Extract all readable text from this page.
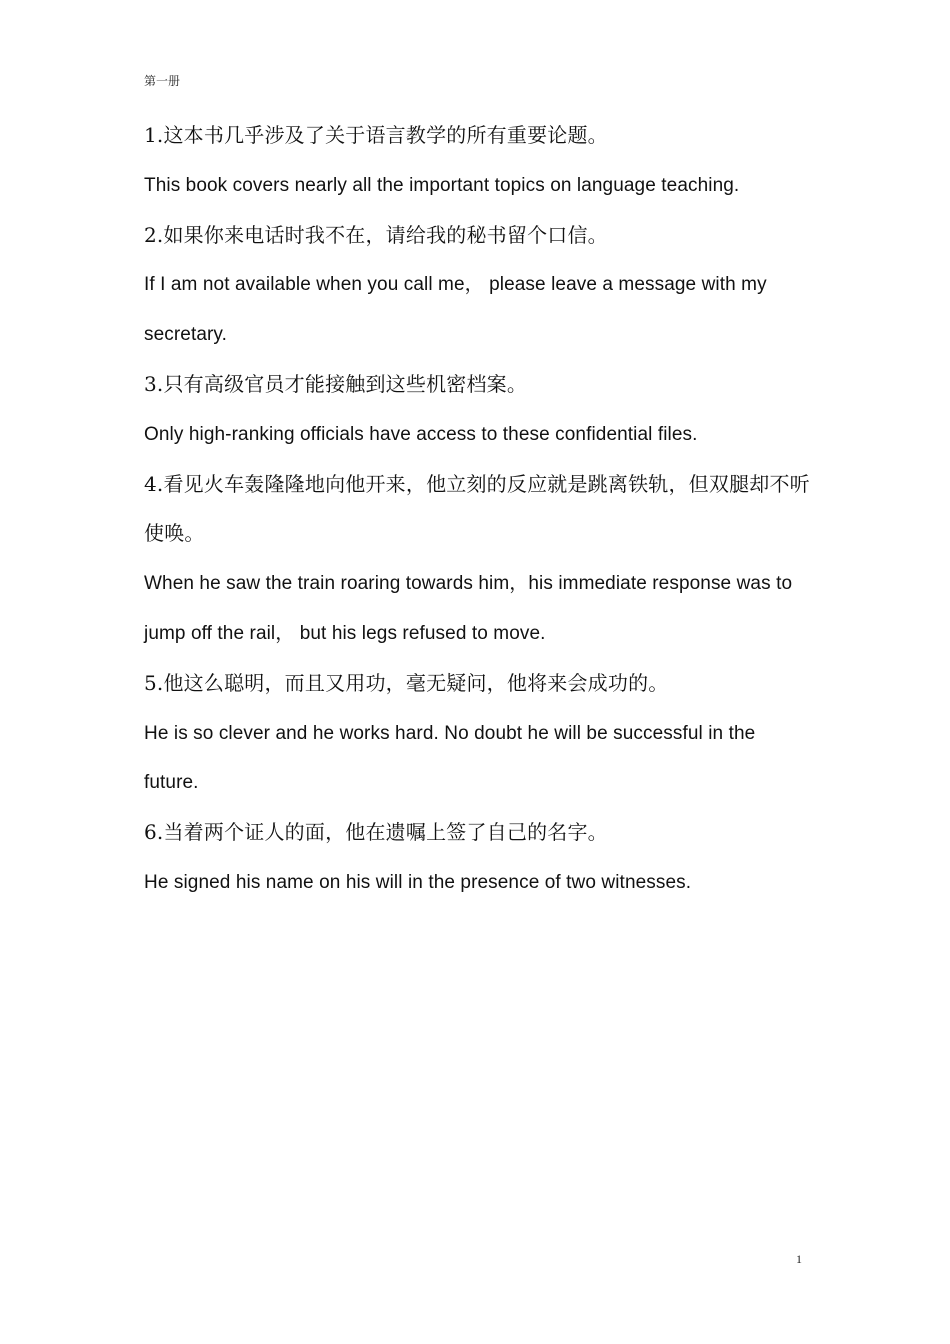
第一册
1.这本书几乎涉及了关于语言教学的所有重要论题。
This book covers nearly all the important topics on language teaching.
2.如果你来电话时我不在，请给我的秘书留个口信。
If I am not available when you call me， please leave a message with my secretary.
3.只有高级官员才能接触到这些机密档案。
Only high-ranking officials have access to these confidential files.
4.看见火车轰隆隆地向他开来，他立刻的反应就是跳离铁轨，但双腿却不听使唤。
When he saw the train roaring towards him，his immediate response was to jump off the rail， but his legs refused to move.
5.他这么聪明，而且又用功，毫无疑问，他将来会成功的。
He is so clever and he works hard. No doubt he will be successful in the future.
6.当着两个证人的面，他在遗嘱上签了自己的名字。
He signed his name on his will in the presence of two witnesses.
1
